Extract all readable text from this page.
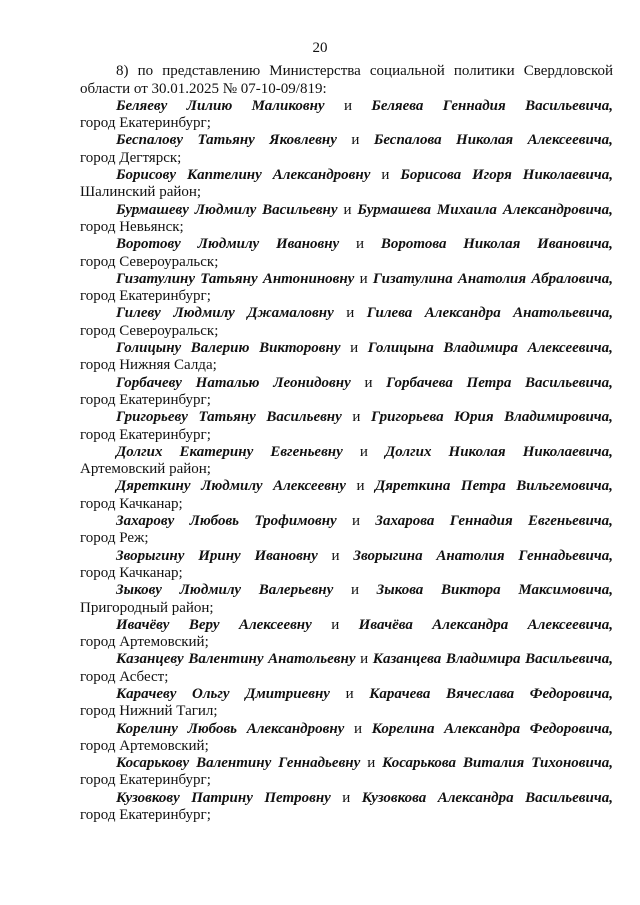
20

8) по представлению Министерства социальной политики Свердловской области от 30.01.2025 № 07-10-09/819:

Беляеву Лилию Маликовну и Беляева Геннадия Васильевича,
город Екатеринбург;
Беспалову Татьяну Яковлевну и Беспалова Николая Алексеевича,
город Дегтярск;
Борисову Каптелину Александровну и Борисова Игоря Николаевича,
Шалинский район;
Бурмашеву Людмилу Васильевну и Бурмашева Михаила Александровича,
город Невьянск;
Воротову Людмилу Ивановну и Воротова Николая Ивановича,
город Североуральск;
Гизатулину Татьяну Антониновну и Гизатулина Анатолия Абраловича,
город Екатеринбург;
Гилеву Людмилу Джамаловну и Гилева Александра Анатольевича,
город Североуральск;
Голицыну Валерию Викторовну и Голицына Владимира Алексеевича,
город Нижняя Салда;
Горбачеву Наталью Леонидовну и Горбачева Петра Васильевича,
город Екатеринбург;
Григорьеву Татьяну Васильевну и Григорьева Юрия Владимировича,
город Екатеринбург;
Долгих Екатерину Евгеньевну и Долгих Николая Николаевича,
Артемовский район;
Дяреткину Людмилу Алексеевну и Дяреткина Петра Вильгемовича,
город Качканар;
Захарову Любовь Трофимовну и Захарова Геннадия Евгеньевича,
город Реж;
Зворыгину Ирину Ивановну и Зворыгина Анатолия Геннадьевича,
город Качканар;
Зыкову Людмилу Валерьевну и Зыкова Виктора Максимовича,
Пригородный район;
Ивачёву Веру Алексеевну и Ивачёва Александра Алексеевича,
город Артемовский;
Казанцеву Валентину Анатольевну и Казанцева Владимира Васильевича,
город Асбест;
Карачеву Ольгу Дмитриевну и Карачева Вячеслава Федоровича,
город Нижний Тагил;
Корелину Любовь Александровну и Корелина Александра Федоровича,
город Артемовский;
Косарькову Валентину Геннадьевну и Косарькова Виталия Тихоновича,
город Екатеринбург;
Кузовкову Патрину Петровну и Кузовкова Александра Васильевича,
город Екатеринбург;
